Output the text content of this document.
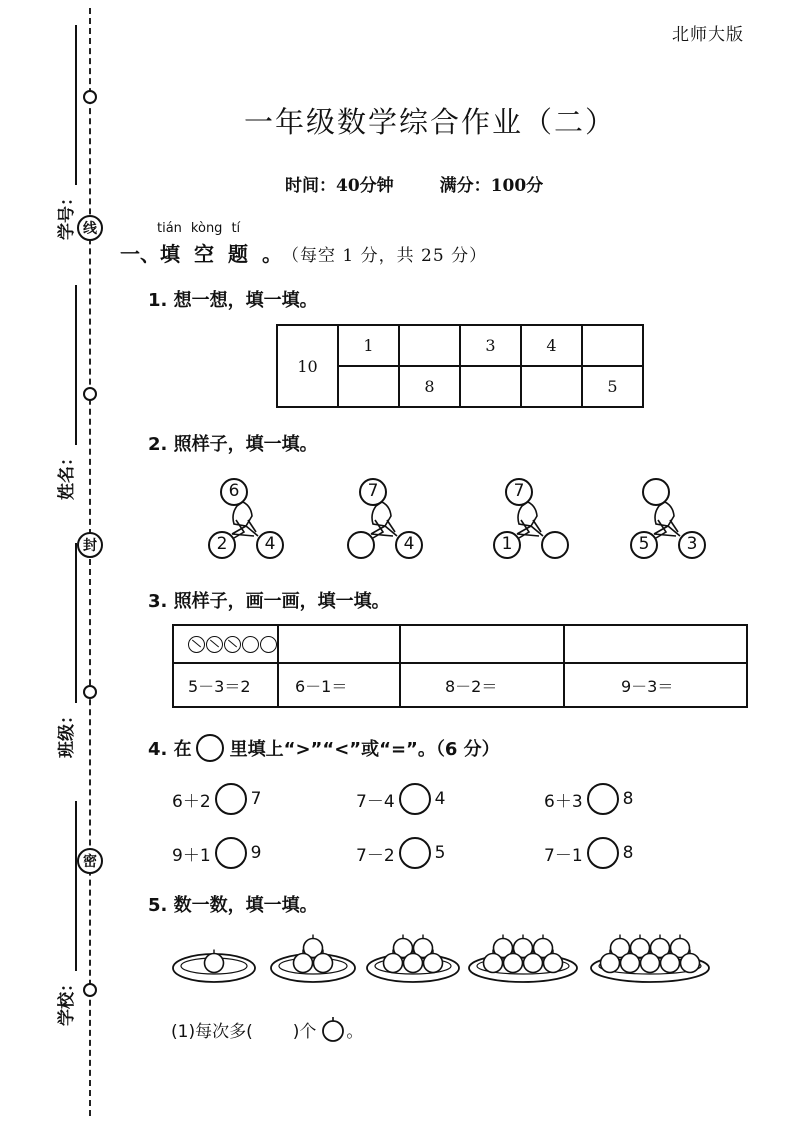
北师大版
线
封
密
学号：
姓名：
班级：
学校：
一年级数学综合作业（二）
时间：40分钟	满分：100分
tián kòng tí
一、 填空题 。 （每空 1 分，共 25 分）
1. 想一想，填一填。
10	1		3	4	
		8			5
2. 照样子，填一填。
6
2	4
7
4
7
1	5	3
3. 照样子，画一画，填一填。

5－3＝2	6－1＝	8－2＝	9－3＝
4. 在 里填上“>”“<”或“=”。（6 分）
6＋2 7	7－4 4	6＋3 8
9＋1 9	7－2 5	7－1 8
5. 数一数，填一填。
(1)每次多( )个 。
